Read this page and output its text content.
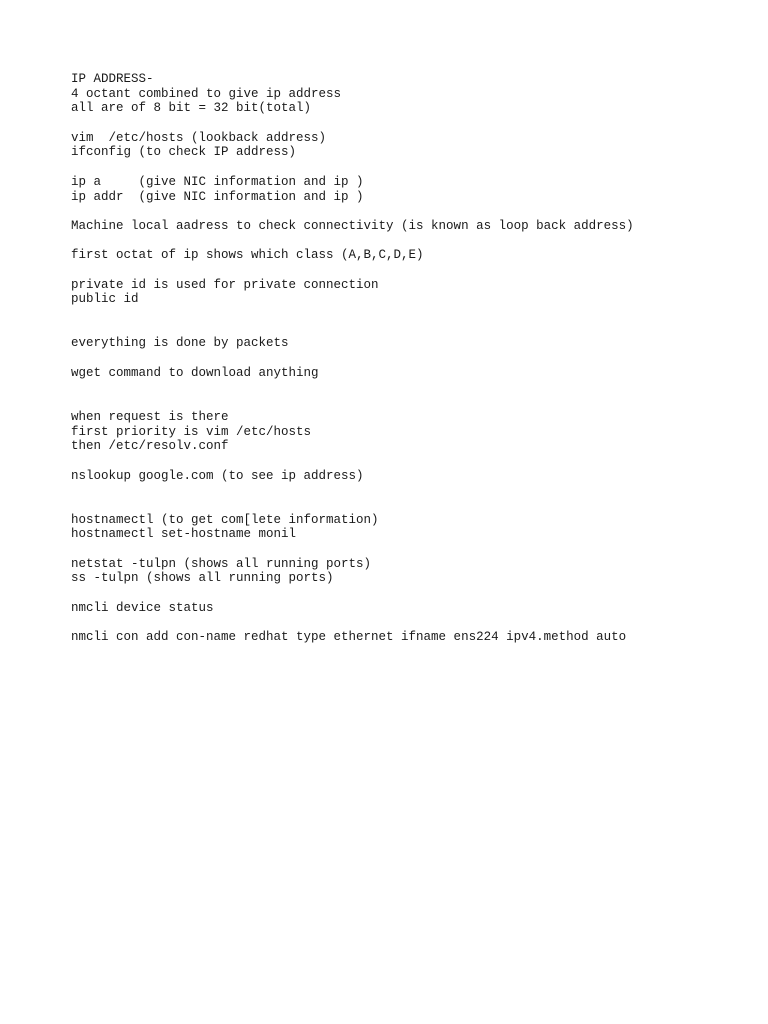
IP ADDRESS-
4 octant combined to give ip address
all are of 8 bit = 32 bit(total)
vim  /etc/hosts (lookback address)
ifconfig (to check IP address)
ip a     (give NIC information and ip )
ip addr  (give NIC information and ip )
Machine local aadress to check connectivity (is known as loop back address)
first octat of ip shows which class (A,B,C,D,E)
private id is used for private connection
public id
everything is done by packets
wget command to download anything
when request is there
first priority is vim /etc/hosts
then /etc/resolv.conf
nslookup google.com (to see ip address)
hostnamectl (to get com[lete information)
hostnamectl set-hostname monil
netstat -tulpn (shows all running ports)
ss -tulpn (shows all running ports)
nmcli device status
nmcli con add con-name redhat type ethernet ifname ens224 ipv4.method auto
